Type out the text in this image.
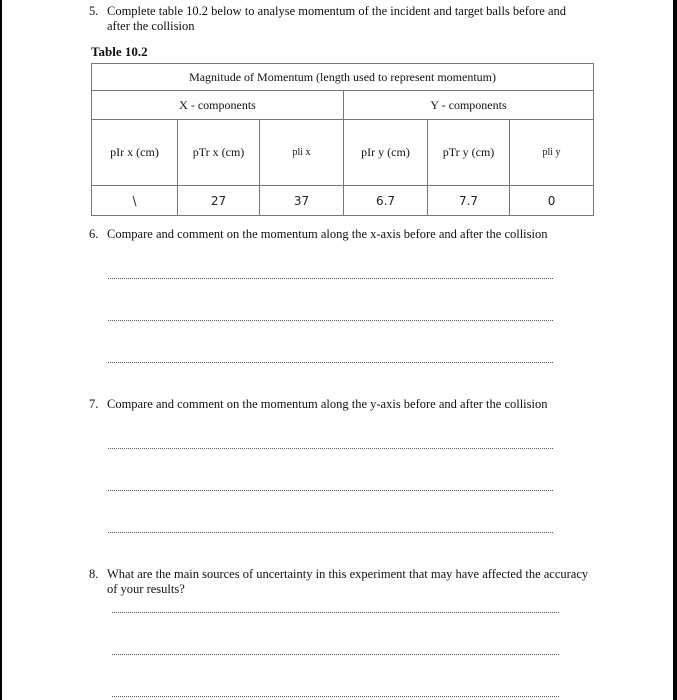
5. Complete table 10.2 below to analyse momentum of the incident and target balls before and
after the collision
Table 10.2
Magnitude of Momentum (length used to represent momentum)					
X - components			Y - components		
pIr x (cm)	pTr x (cm)	pli x	pIr y (cm)	pTr y (cm)	pli y
\	27	37	6.7	7.7	0
6. Compare and comment on the momentum along the x-axis before and after the collision
7. Compare and comment on the momentum along the y-axis before and after the collision
8. What are the main sources of uncertainty in this experiment that may have affected the accuracy
of your results?
